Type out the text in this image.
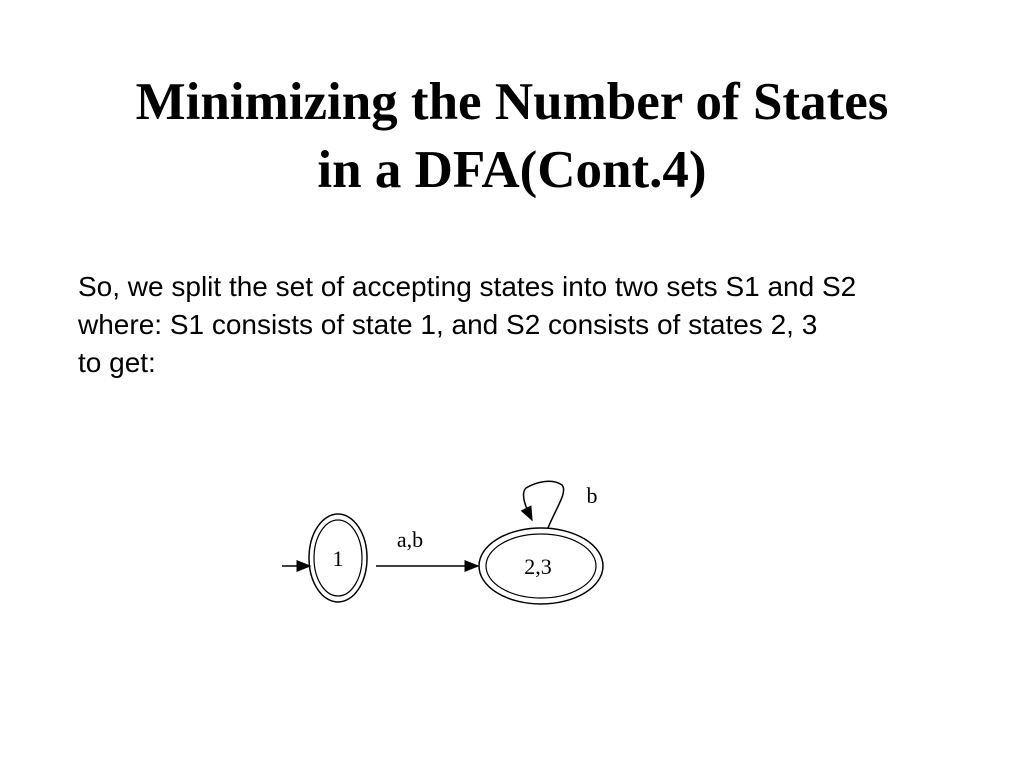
Minimizing the Number of States
in a DFA(Cont.4)

So, we split the set of accepting states into two sets S1 and S2

where: S1 consists of state 1, and S2 consists of states 2, 3

to get:

1
a,b
2,3
b
